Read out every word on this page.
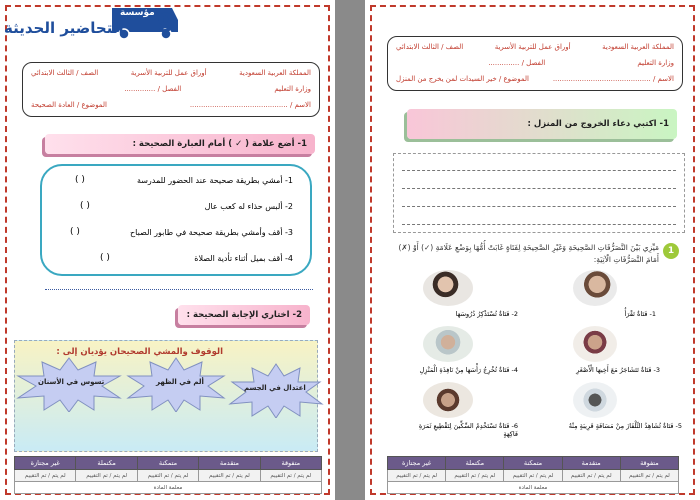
9
مؤسسة
التحاضير الحديثة
المملكة العربية السعودية
أوراق عمل للتربية الأسرية
الصف / الثالث الابتدائي
وزارة التعليم
الفصل / ..............
الاسم / ............................................
الموضوع / العادة الصحيحة
1- أضع علامة ( ✓ ) أمام العبارة الصحيحة :
1- أمشي بطريقة صحيحة عند الحضور للمدرسة
( )
2- ألبس حذاء له كعب عال
( )
3- أقف وأمشي بطريقة صحيحة في طابور الصباح
( )
4- أقف بميل أثناء تأدية الصلاة
( )
2- اختاري الإجابة الصحيحة :
الوقوف والمشي الصحيحان يؤديان إلى :
اعتدال في الجسم
ألم في الظهر
تسوس في الأسنان
متفوقة	متقدمة	متمكنة	مكتملة	غير مجتازة
لم يتم / تم التقييم	لم يتم / تم التقييم	لم يتم / تم التقييم	لم يتم / تم التقييم	لم يتم / تم التقييم
معلمة المادة				
المملكة العربية السعودية
أوراق عمل للتربية الأسرية
الصف / الثالث الابتدائي
وزارة التعليم
الفصل / ..............
الاسم / ............................................
الموضوع / خير السيدات لمن يخرج من المنزل
1- اكتبي دعاء الخروج من المنزل :
1
مَيِّزِي بَيْنَ التَّصَرُّفَاتِ الصَّحِيحَةِ وَغَيْرِ الصَّحِيحَةِ لِفَتَاةٍ غَابَتْ أُمُّهَا بِوَضْعِ عَلَامَةِ (✓) أَوْ (✗) أَمَامَ التَّصَرُّفَاتِ الْآتِيَةِ:
1- فَتَاةٌ تَقْرَأُ
2- فَتَاةٌ تُسْتَذْكِرُ دُرُوسَهَا
3- فَتَاةٌ تَتَشَاجَرُ مَعَ أَخِيهَا الْأَصْغَرِ
4- فَتَاةٌ تُخْرِجُ رَأْسَهَا مِنْ نَافِذَةِ الْمَنْزِلِ
5- فَتَاةٌ تُشَاهِدُ التِّلْفَازَ مِنْ مَسَافَةٍ قَرِيبَةٍ مِنْهُ
6- فَتَاةٌ تَسْتَخْدِمُ السِّكِّينَ لِتَقْطِيعِ ثَمَرَةِ فَاكِهَةٍ
متفوقة	متقدمة	متمكنة	مكتملة	غير مجتازة
لم يتم / تم التقييم	لم يتم / تم التقييم	لم يتم / تم التقييم	لم يتم / تم التقييم	لم يتم / تم التقييم
معلمة المادة				
